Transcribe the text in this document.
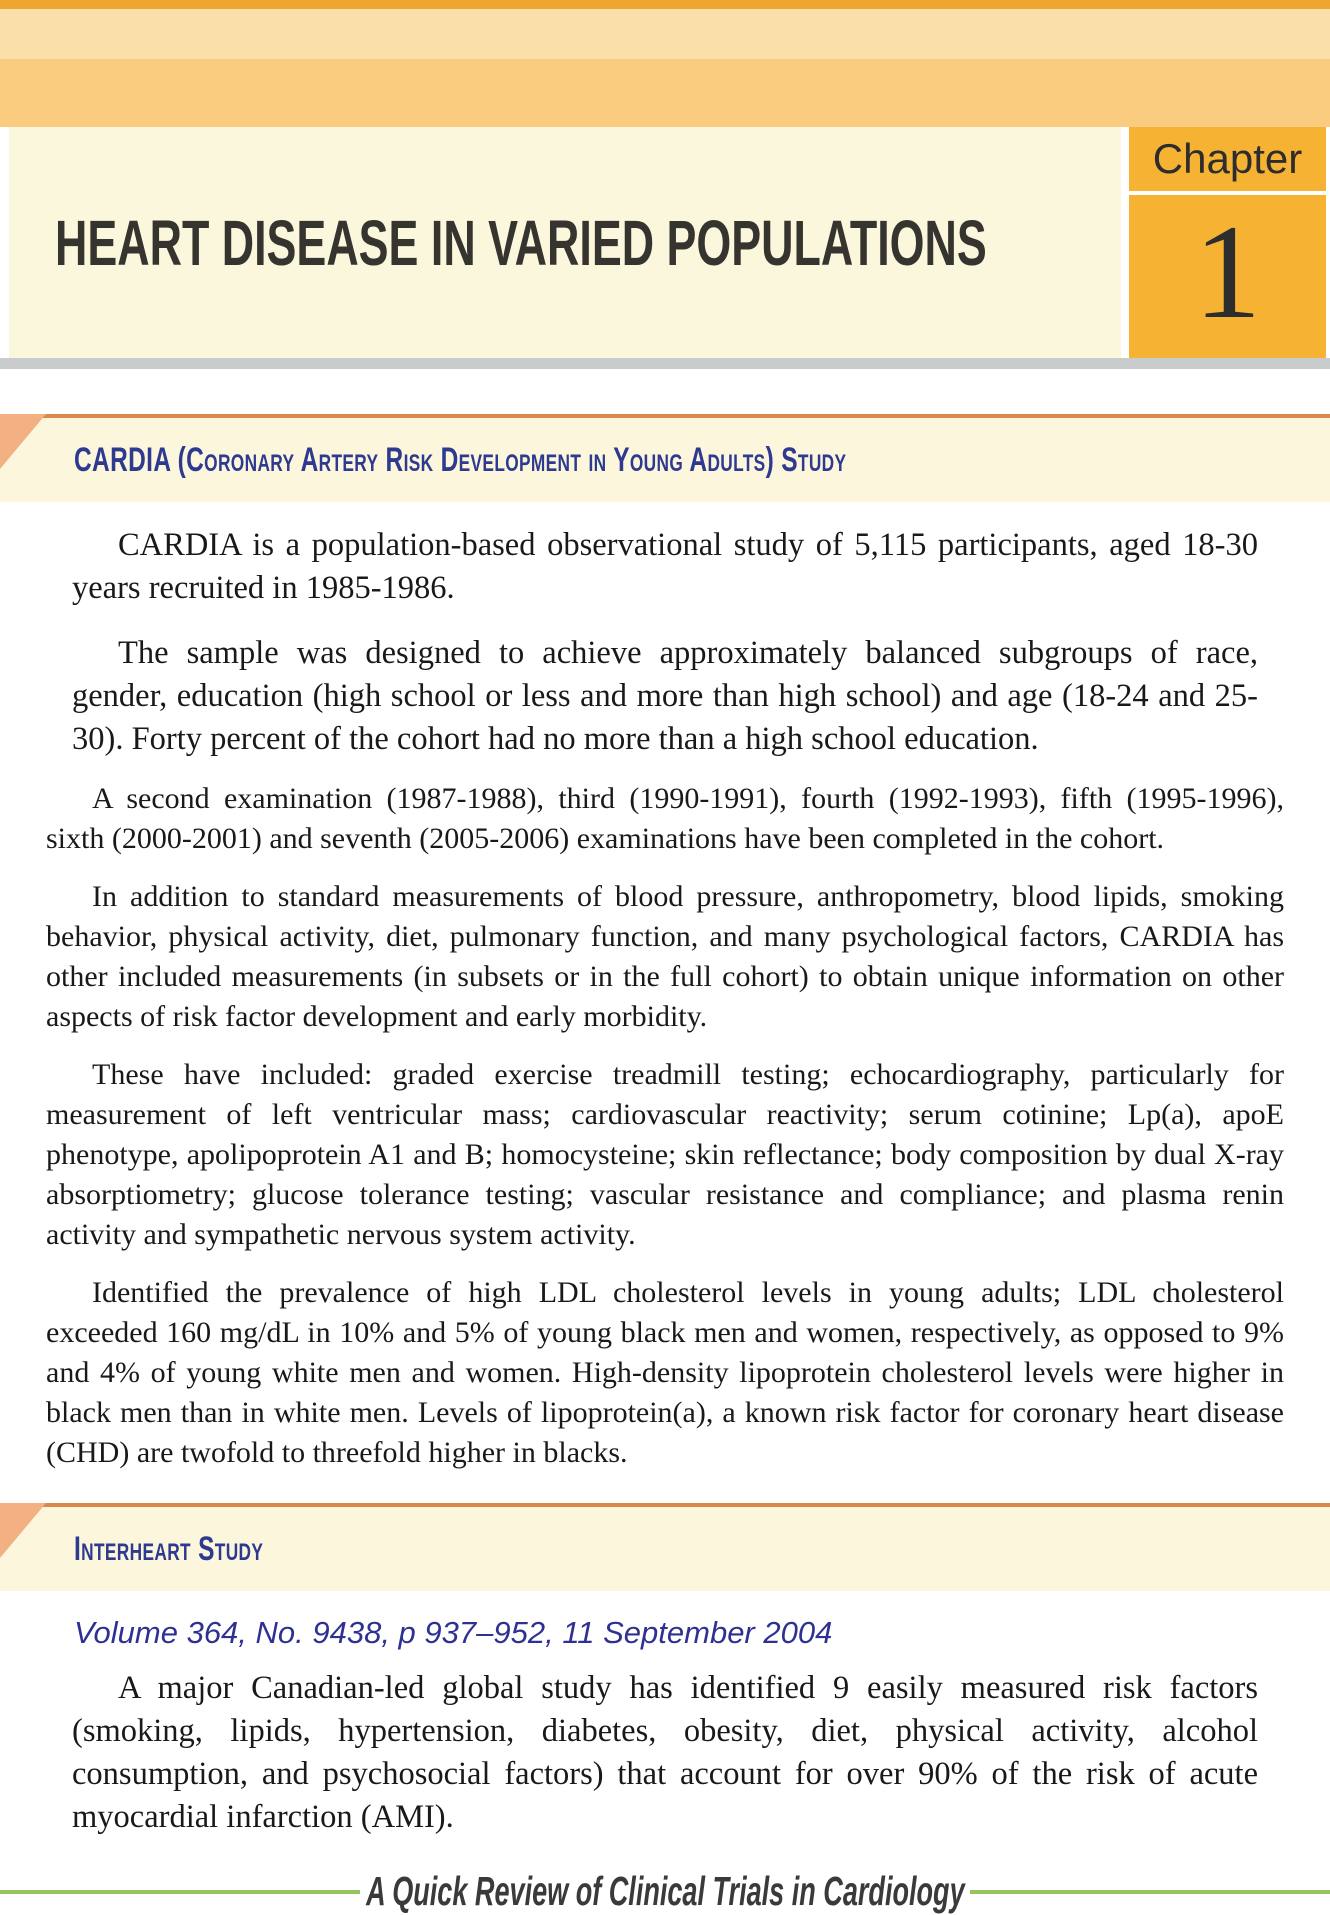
HEART DISEASE IN VARIED POPULATIONS
Chapter
1
CARDIA (Coronary Artery Risk Development in Young Adults) Study

CARDIA is a population-based observational study of 5,115 participants, aged 18-30 years recruited in 1985-1986.

The sample was designed to achieve approximately balanced subgroups of race, gender, education (high school or less and more than high school) and age (18-24 and 25-30). Forty percent of the cohort had no more than a high school education.

A second examination (1987-1988), third (1990-1991), fourth (1992-1993), fifth (1995-1996), sixth (2000-2001) and seventh (2005-2006) examinations have been completed in the cohort.

In addition to standard measurements of blood pressure, anthropometry, blood lipids, smoking behavior, physical activity, diet, pulmonary function, and many psychological factors, CARDIA has other included measurements (in subsets or in the full cohort) to obtain unique information on other aspects of risk factor development and early morbidity.

These have included: graded exercise treadmill testing; echocardiography, particularly for measurement of left ventricular mass; cardiovascular reactivity; serum cotinine; Lp(a), apoE phenotype, apolipoprotein A1 and B; homocysteine; skin reflectance; body composition by dual X-ray absorptiometry; glucose tolerance testing; vascular resistance and compliance; and plasma renin activity and sympathetic nervous system activity.

Identified the prevalence of high LDL cholesterol levels in young adults; LDL cholesterol exceeded 160 mg/dL in 10% and 5% of young black men and women, respectively, as opposed to 9% and 4% of young white men and women. High-density lipoprotein cholesterol levels were higher in black men than in white men. Levels of lipoprotein(a), a known risk factor for coronary heart disease (CHD) are twofold to threefold higher in blacks.

Interheart Study
Volume 364, No. 9438, p 937–952, 11 September 2004

A major Canadian-led global study has identified 9 easily measured risk factors (smoking, lipids, hypertension, diabetes, obesity, diet, physical activity, alcohol consumption, and psychosocial factors) that account for over 90% of the risk of acute myocardial infarction (AMI).

A Quick Review of Clinical Trials in Cardiology
